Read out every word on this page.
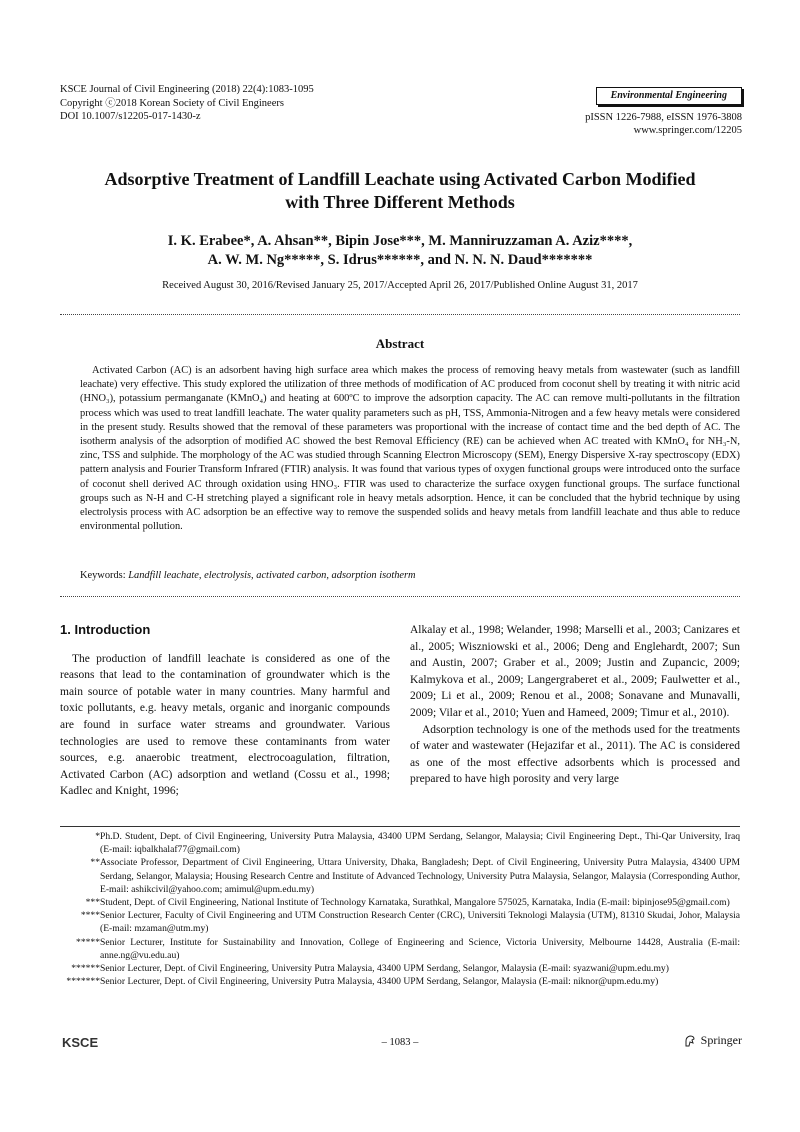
KSCE Journal of Civil Engineering (2018) 22(4):1083-1095
Copyright ⓒ2018 Korean Society of Civil Engineers
DOI 10.1007/s12205-017-1430-z
Environmental Engineering
pISSN 1226-7988, eISSN 1976-3808
www.springer.com/12205
Adsorptive Treatment of Landfill Leachate using Activated Carbon Modified
with Three Different Methods
I. K. Erabee*, A. Ahsan**, Bipin Jose***, M. Manniruzzaman A. Aziz****,
A. W. M. Ng*****, S. Idrus******, and N. N. N. Daud*******
Received August 30, 2016/Revised January 25, 2017/Accepted April 26, 2017/Published Online August 31, 2017
Abstract
Activated Carbon (AC) is an adsorbent having high surface area which makes the process of removing heavy metals from wastewater (such as landfill leachate) very effective. This study explored the utilization of three methods of modification of AC produced from coconut shell by treating it with nitric acid (HNO₃), potassium permanganate (KMnO₄) and heating at 600ºC to improve the adsorption capacity. The AC can remove multi-pollutants in the filtration process which was used to treat landfill leachate. The water quality parameters such as pH, TSS, Ammonia-Nitrogen and a few heavy metals were considered in the present study. Results showed that the removal of these parameters was proportional with the increase of contact time and the bed depth of AC. The isotherm analysis of the adsorption of modified AC showed the best Removal Efficiency (RE) can be achieved when AC treated with KMnO₄ for NH₃-N, zinc, TSS and sulphide. The morphology of the AC was studied through Scanning Electron Microscopy (SEM), Energy Dispersive X-ray spectroscopy (EDX) pattern analysis and Fourier Transform Infrared (FTIR) analysis. It was found that various types of oxygen functional groups were introduced onto the surface of coconut shell derived AC through oxidation using HNO₃. FTIR was used to characterize the surface oxygen functional groups. The surface functional groups such as N-H and C-H stretching played a significant role in heavy metals adsorption. Hence, it can be concluded that the hybrid technique by using electrolysis process with AC adsorption be an effective way to remove the suspended solids and heavy metals from landfill leachate and thus able to reduce environmental pollution.
Keywords: Landfill leachate, electrolysis, activated carbon, adsorption isotherm
1. Introduction

The production of landfill leachate is considered as one of the reasons that lead to the contamination of groundwater which is the main source of potable water in many countries. Many harmful and toxic pollutants, e.g. heavy metals, organic and inorganic compounds are found in surface water streams and groundwater. Various technologies are used to remove these contaminants from water sources, e.g. anaerobic treatment, electrocoagulation, filtration, Activated Carbon (AC) adsorption and wetland (Cossu et al., 1998; Kadlec and Knight, 1996;

Alkalay et al., 1998; Welander, 1998; Marselli et al., 2003; Canizares et al., 2005; Wiszniowski et al., 2006; Deng and Englehardt, 2007; Sun and Austin, 2007; Graber et al., 2009; Justin and Zupancic, 2009; Kalmykova et al., 2009; Langergraberet et al., 2009; Faulwetter et al., 2009; Li et al., 2009; Renou et al., 2008; Sonavane and Munavalli, 2009; Vilar et al., 2010; Yuen and Hameed, 2009; Timur et al., 2010).

Adsorption technology is one of the methods used for the treatments of water and wastewater (Hejazifar et al., 2011). The AC is considered as one of the most effective adsorbents which is processed and prepared to have high porosity and very large

* Ph.D. Student, Dept. of Civil Engineering, University Putra Malaysia, 43400 UPM Serdang, Selangor, Malaysia; Civil Engineering Dept., Thi-Qar University, Iraq (E-mail: iqbalkhalaf77@gmail.com)
** Associate Professor, Department of Civil Engineering, Uttara University, Dhaka, Bangladesh; Dept. of Civil Engineering, University Putra Malaysia, 43400 UPM Serdang, Selangor, Malaysia; Housing Research Centre and Institute of Advanced Technology, University Putra Malaysia, Selangor, Malaysia (Corresponding Author, E-mail: ashikcivil@yahoo.com; amimul@upm.edu.my)
*** Student, Dept. of Civil Engineering, National Institute of Technology Karnataka, Surathkal, Mangalore 575025, Karnataka, India (E-mail: bipinjose95@gmail.com)
**** Senior Lecturer, Faculty of Civil Engineering and UTM Construction Research Center (CRC), Universiti Teknologi Malaysia (UTM), 81310 Skudai, Johor, Malaysia (E-mail: mzaman@utm.my)
***** Senior Lecturer, Institute for Sustainability and Innovation, College of Engineering and Science, Victoria University, Melbourne 14428, Australia (E-mail: anne.ng@vu.edu.au)
****** Senior Lecturer, Dept. of Civil Engineering, University Putra Malaysia, 43400 UPM Serdang, Selangor, Malaysia (E-mail: syazwani@upm.edu.my)
******* Senior Lecturer, Dept. of Civil Engineering, University Putra Malaysia, 43400 UPM Serdang, Selangor, Malaysia (E-mail: niknor@upm.edu.my)
KSCE	– 1083 –	Springer
